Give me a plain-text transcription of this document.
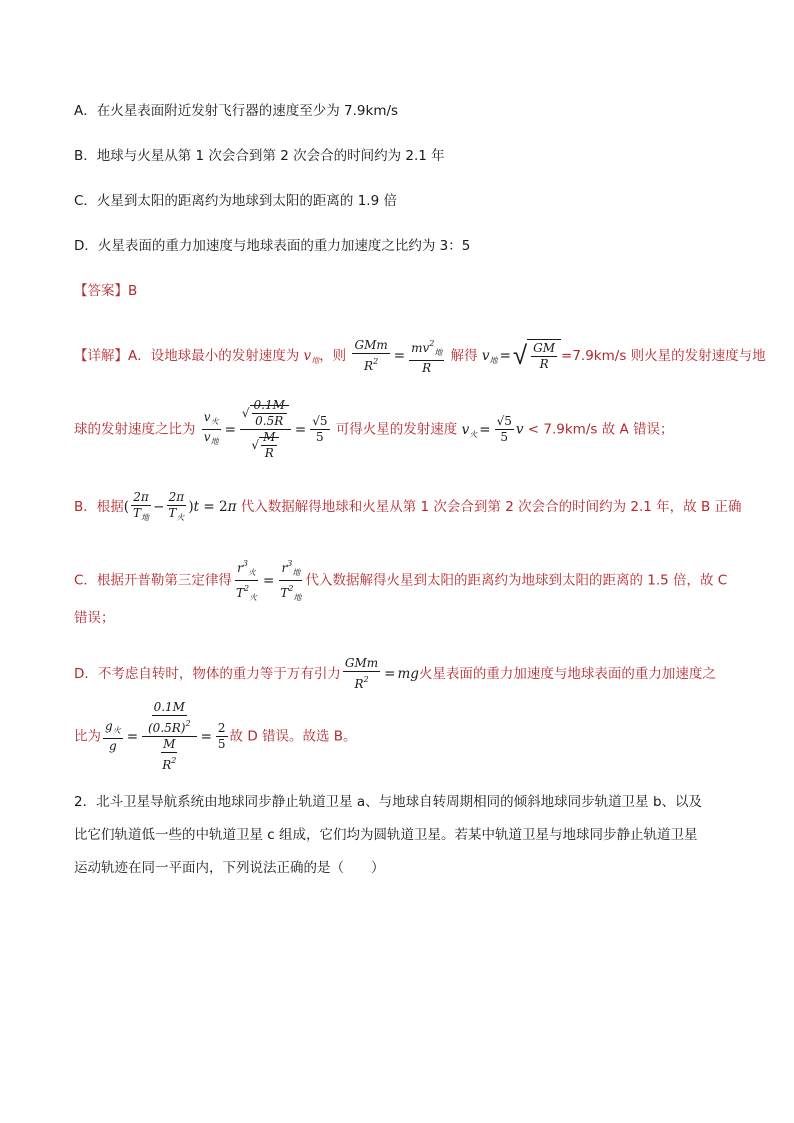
A．在火星表面附近发射飞行器的速度至少为 7.9km/s
B．地球与火星从第 1 次会合到第 2 次会合的时间约为 2.1 年
C．火星到太阳的距离约为地球到太阳的距离的 1.9 倍
D．火星表面的重力加速度与地球表面的重力加速度之比约为 3：5
【答案】B
【详解】A．设地球最小的发射速度为 $v_地$，则 $\frac{\text{GMm}}{R^2} = \frac{mv^2_地}{R}$ 解得 $v_地$ = √ $\frac{GM}{R} =7.9km/s$ 则火星的发射速度与地
球的发射速度之比为 $\frac{v_火}{v_地} = \frac{√ \frac{0.1M}{0.5R}}{√ \frac{M}{R}} = \frac{√5}{5}$ 可得火星的发射速度 $v_火 = \frac{√5}{5}$ v < 7.9km/s 故 A 错误；
B．根据( $\frac{2\pi}{T_地} - \frac{2\pi}{T_火} )t = 2\pi$ 代入数据解得地球和火星从第 1 次会合到第 2 次会合的时间约为 2.1 年，故 B 正确
C．根据开普勒第三定律得 $\frac{r^3_火}{T^2_火} = \frac{r^3_地}{T^2_地}$ 代入数据解得火星到太阳的距离约为地球到太阳的距离的 1.5 倍，故 C
错误；
D．不考虑自转时，物体的重力等于万有引力 $\frac{\text{GMm}}{R^2}$ = mg火星表面的重力加速度与地球表面的重力加速度之
比为 $\frac{g_火}{g} = \frac{\frac{0.1M}{(0.5R)^2}}{\frac{M}{R^2}} = \frac{2}{5}$ 故 D 错误。故选 B。
2．北斗卫星导航系统由地球同步静止轨道卫星 a、与地球自转周期相同的倾斜地球同步轨道卫星 b、以及
比它们轨道低一些的中轨道卫星 c 组成，它们均为圆轨道卫星。若某中轨道卫星与地球同步静止轨道卫星
运动轨迹在同一平面内，下列说法正确的是（　　）
